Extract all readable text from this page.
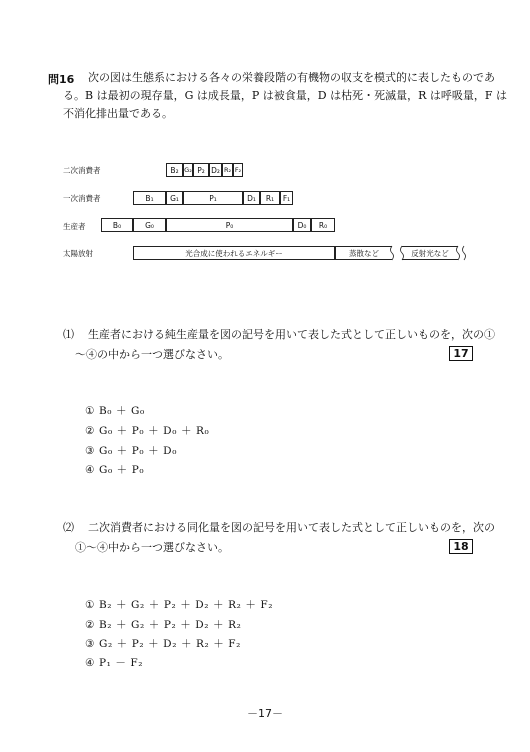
問16 次の図は生態系における各々の栄養段階の有機物の収支を模式的に表したものであ
る。B は最初の現存量，G は成長量，P は被食量，D は枯死・死滅量，R は呼吸量，F は
不消化排出量である。
二次消費者
一次消費者
生産者
太陽放射
B₂ G₂ P₂ D₂ R₂ F₂
B₁	G₁	P₁	D₁	R₁	F₁
B₀	G₀	P₀	D₀	R₀
光合成に使われるエネルギー	蒸散など	反射光など
⑴ 生産者における純生産量を図の記号を用いて表した式として正しいものを，次の①
～④の中から一つ選びなさい。	17
① B₀ ＋ G₀
② G₀ ＋ P₀ ＋ D₀ ＋ R₀
③ G₀ ＋ P₀ ＋ D₀
④ G₀ ＋ P₀
⑵ 二次消費者における同化量を図の記号を用いて表した式として正しいものを，次の
①～④中から一つ選びなさい。	18
① B₂ ＋ G₂ ＋ P₂ ＋ D₂ ＋ R₂ ＋ F₂
② B₂ ＋ G₂ ＋ P₂ ＋ D₂ ＋ R₂
③ G₂ ＋ P₂ ＋ D₂ ＋ R₂ ＋ F₂
④ P₁ － F₂
－17－
